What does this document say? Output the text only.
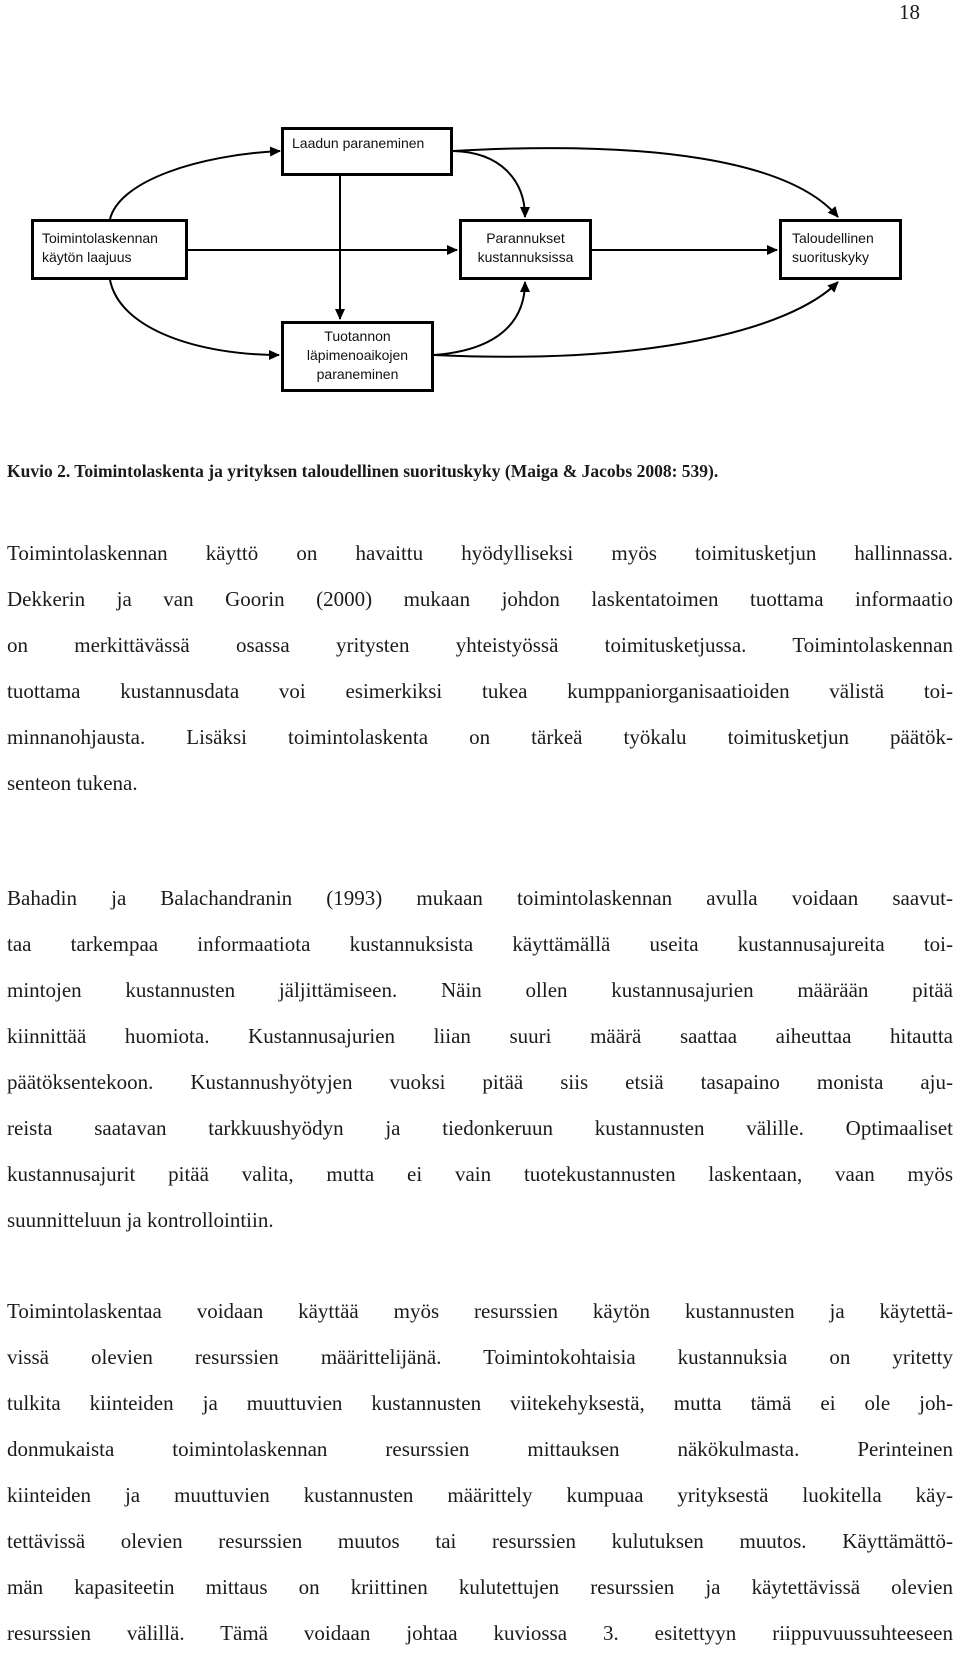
18
Laadun paraneminen
Toimintolaskennan
käytön laajuus
Parannukset
kustannuksissa
Taloudellinen
suorituskyky
Tuotannon
läpimenoaikojen
paraneminen
Kuvio 2. Toimintolaskenta ja yrityksen taloudellinen suorituskyky (Maiga & Jacobs 2008: 539).
Toimintolaskennan käyttö on havaittu hyödylliseksi myös toimitusketjun hallinnassa.
Dekkerin ja van Goorin (2000) mukaan johdon laskentatoimen tuottama informaatio
on merkittävässä osassa yritysten yhteistyössä toimitusketjussa. Toimintolaskennan
tuottama kustannusdata voi esimerkiksi tukea kumppaniorganisaatioiden välistä toi-
minnanohjausta. Lisäksi toimintolaskenta on tärkeä työkalu toimitusketjun päätök-
senteon tukena.
Bahadin ja Balachandranin (1993) mukaan toimintolaskennan avulla voidaan saavut-
taa tarkempaa informaatiota kustannuksista käyttämällä useita kustannusajureita toi-
mintojen kustannusten jäljittämiseen. Näin ollen kustannusajurien määrään pitää
kiinnittää huomiota. Kustannusajurien liian suuri määrä saattaa aiheuttaa hitautta
päätöksentekoon. Kustannushyötyjen vuoksi pitää siis etsiä tasapaino monista aju-
reista saatavan tarkkuushyödyn ja tiedonkeruun kustannusten välille. Optimaaliset
kustannusajurit pitää valita, mutta ei vain tuotekustannusten laskentaan, vaan myös
suunnitteluun ja kontrollointiin.
Toimintolaskentaa voidaan käyttää myös resurssien käytön kustannusten ja käytettä-
vissä olevien resurssien määrittelijänä. Toimintokohtaisia kustannuksia on yritetty
tulkita kiinteiden ja muuttuvien kustannusten viitekehyksestä, mutta tämä ei ole joh-
donmukaista toimintolaskennan resurssien mittauksen näkökulmasta. Perinteinen
kiinteiden ja muuttuvien kustannusten määrittely kumpuaa yrityksestä luokitella käy-
tettävissä olevien resurssien muutos tai resurssien kulutuksen muutos. Käyttämättö-
män kapasiteetin mittaus on kriittinen kulutettujen resurssien ja käytettävissä olevien
resurssien välillä. Tämä voidaan johtaa kuviossa 3. esitettyyn riippuvuussuhteeseen
